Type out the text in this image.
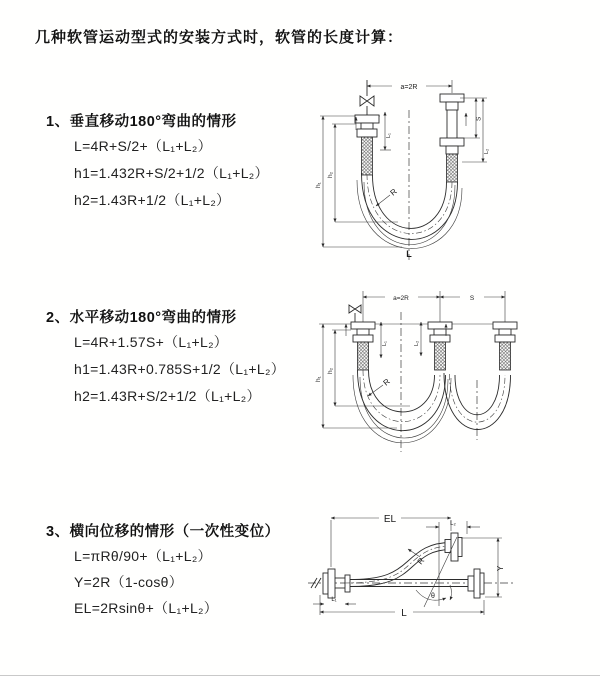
几种软管运动型式的安装方式时，软管的长度计算：
1、垂直移动180°弯曲的情形
L=4R+S/2+（L₁+L₂）
h1=1.432R+S/2+1/2（L₁+L₂）
h2=1.43R+1/2（L₁+L₂）
2、水平移动180°弯曲的情形
L=4R+1.57S+（L₁+L₂）
h1=1.43R+0.785S+1/2（L₁+L₂）
h2=1.43R+S/2+1/2（L₁+L₂）
3、横向位移的情形（一次性变位）
L=πRθ/90+（L₁+L₂）
Y=2R（1-cosθ）
EL=2Rsinθ+（L₁+L₂）
a=2R
h₁
h₂
L₁
S
L₂
R
L
a=2R	S
h₁
h₂
L₁	L₂
R
EL	L₂
Y
L
L₁
R
θ
